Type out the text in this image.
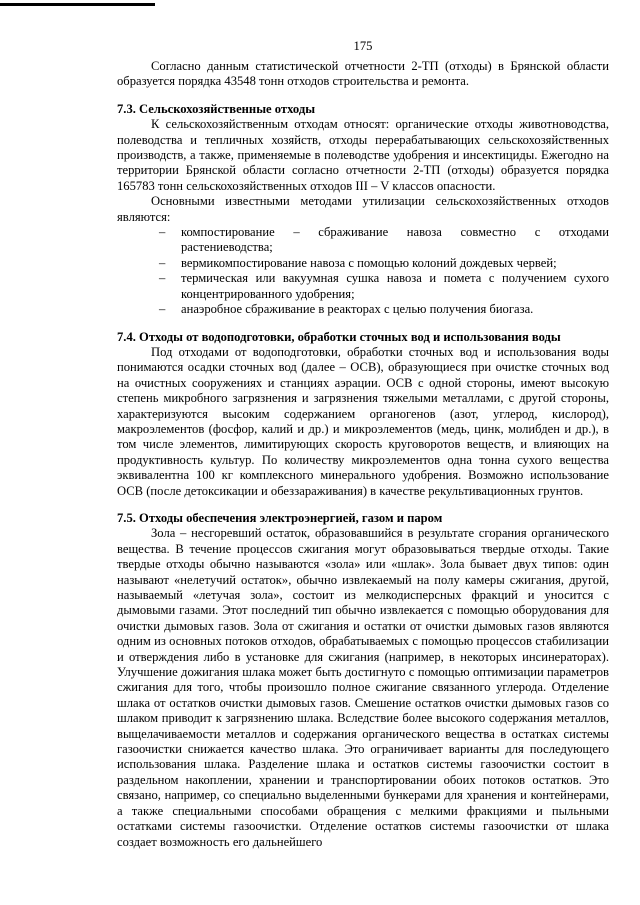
175

Согласно данным статистической отчетности 2-ТП (отходы) в Брянской области образуется порядка 43548 тонн отходов строительства и ремонта.

7.3. Сельскохозяйственные отходы

К сельскохозяйственным отходам относят: органические отходы животноводства, полеводства и тепличных хозяйств, отходы перерабатывающих сельскохозяйственных производств, а также, применяемые в полеводстве удобрения и инсектициды. Ежегодно на территории Брянской области согласно отчетности 2-ТП (отходы) образуется порядка 165783 тонн сельскохозяйственных отходов III – V классов опасности.

Основными известными методами утилизации сельскохозяйственных отходов являются:

– компостирование – сбраживание навоза совместно с отходами растениеводства;
– вермикомпостирование навоза с помощью колоний дождевых червей;
– термическая или вакуумная сушка навоза и помета с получением сухого концентрированного удобрения;
– анаэробное сбраживание в реакторах с целью получения биогаза.
7.4. Отходы от водоподготовки, обработки сточных вод и использования воды

Под отходами от водоподготовки, обработки сточных вод и использования воды понимаются осадки сточных вод (далее – ОСВ), образующиеся при очистке сточных вод на очистных сооружениях и станциях аэрации. ОСВ с одной стороны, имеют высокую степень микробного загрязнения и загрязнения тяжелыми металлами, с другой стороны, характеризуются высоким содержанием органогенов (азот, углерод, кислород), макроэлементов (фосфор, калий и др.) и микроэлементов (медь, цинк, молибден и др.), в том числе элементов, лимитирующих скорость круговоротов веществ, и влияющих на продуктивность культур. По количеству микроэлементов одна тонна сухого вещества эквивалентна 100 кг комплексного минерального удобрения. Возможно использование ОСВ (после детоксикации и обеззараживания) в качестве рекультивационных грунтов.

7.5. Отходы обеспечения электроэнергией, газом и паром

Зола – несгоревший остаток, образовавшийся в результате сгорания органического вещества. В течение процессов сжигания могут образовываться твердые отходы. Такие твердые отходы обычно называются «зола» или «шлак». Зола бывает двух типов: один называют «нелетучий остаток», обычно извлекаемый на полу камеры сжигания, другой, называемый «летучая зола», состоит из мелкодисперсных фракций и уносится с дымовыми газами. Этот последний тип обычно извлекается с помощью оборудования для очистки дымовых газов. Зола от сжигания и остатки от очистки дымовых газов являются одним из основных потоков отходов, обрабатываемых с помощью процессов стабилизации и отверждения либо в установке для сжигания (например, в некоторых инсинераторах). Улучшение дожигания шлака может быть достигнуто с помощью оптимизации параметров сжигания для того, чтобы произошло полное сжигание связанного углерода. Отделение шлака от остатков очистки дымовых газов. Смешение остатков очистки дымовых газов со шлаком приводит к загрязнению шлака. Вследствие более высокого содержания металлов, выщелачиваемости металлов и содержания органического вещества в остатках системы газоочистки снижается качество шлака. Это ограничивает варианты для последующего использования шлака. Разделение шлака и остатков системы газоочистки состоит в раздельном накоплении, хранении и транспортировании обоих потоков остатков. Это связано, например, со специально выделенными бункерами для хранения и контейнерами, а также специальными способами обращения с мелкими фракциями и пыльными остатками системы газоочистки. Отделение остатков системы газоочистки от шлака создает возможность его дальнейшего
